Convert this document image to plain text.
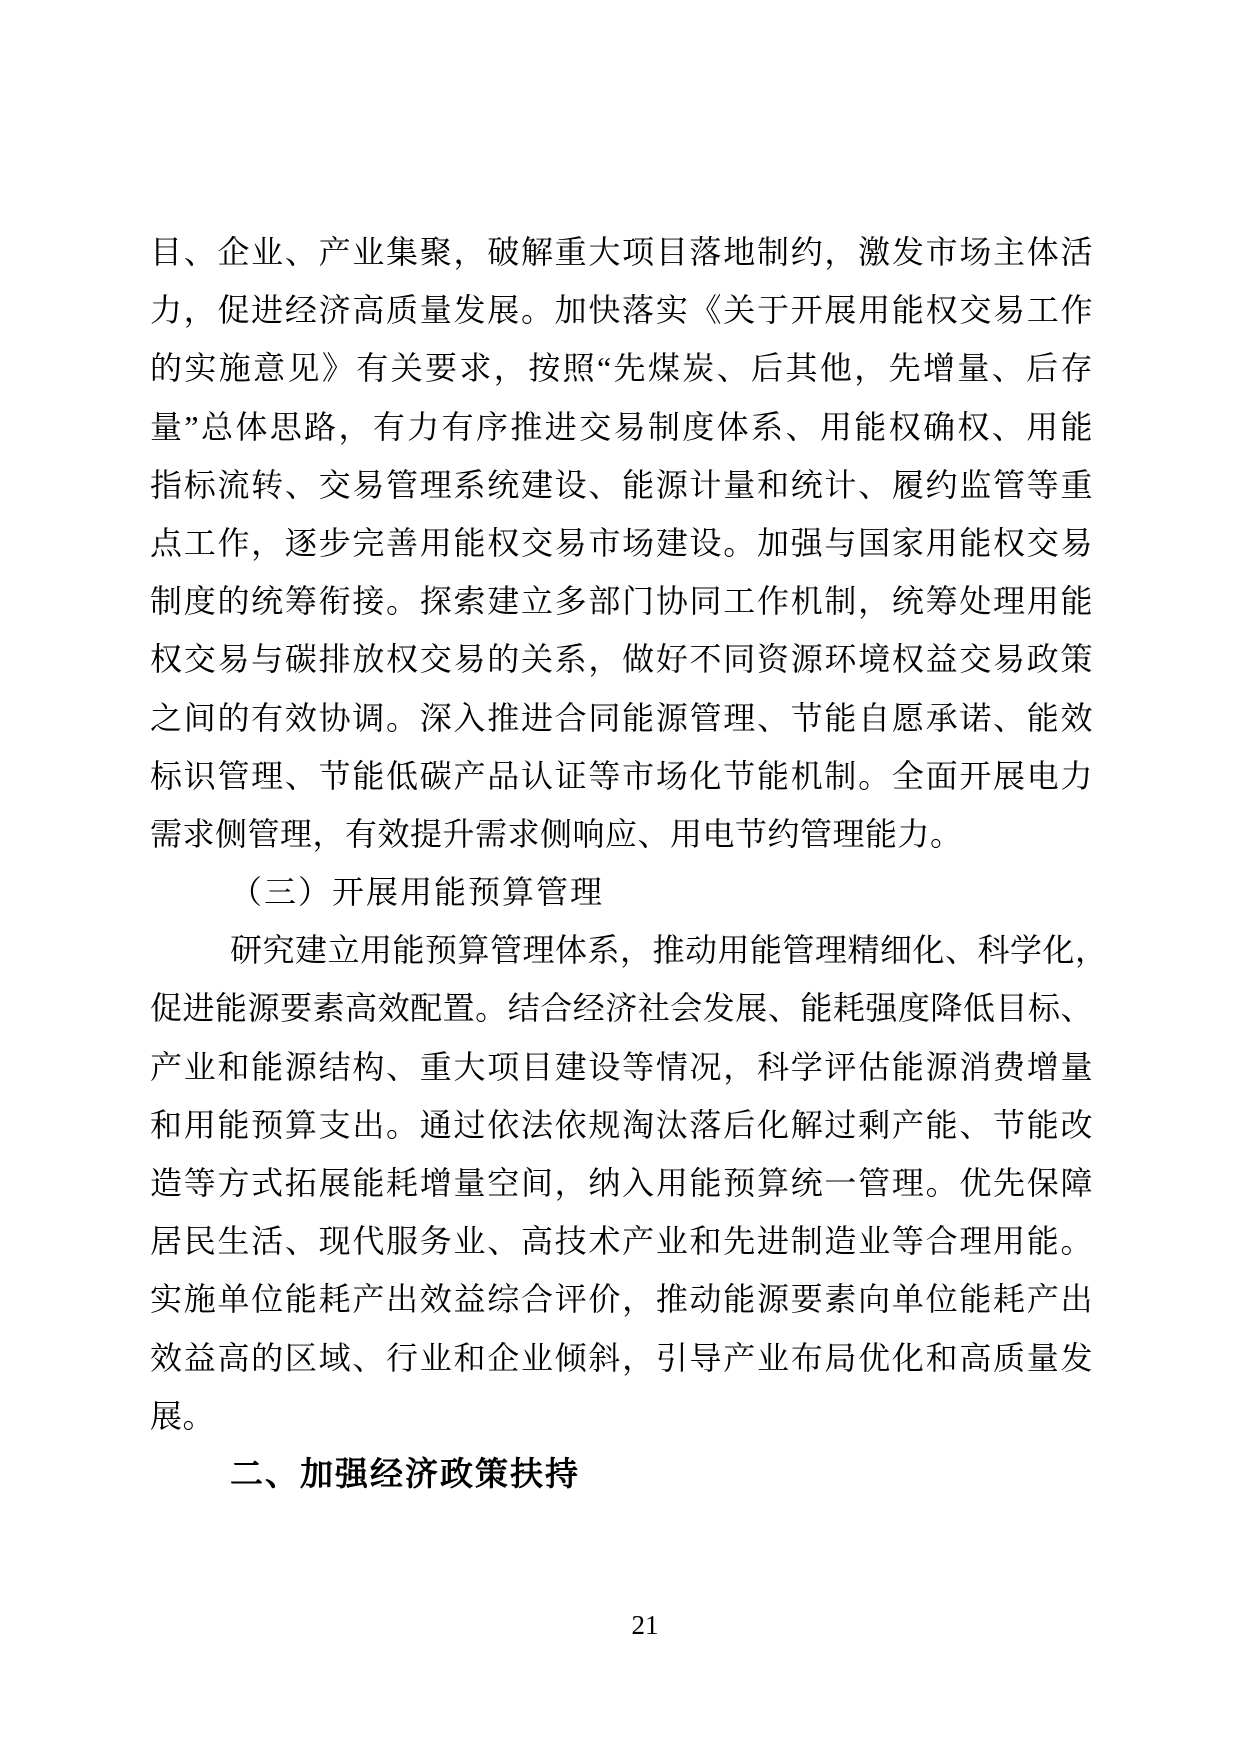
目、企业、产业集聚，破解重大项目落地制约，激发市场主体活
力，促进经济高质量发展。加快落实《关于开展用能权交易工作
的实施意见》有关要求，按照“先煤炭、后其他，先增量、后存
量”总体思路，有力有序推进交易制度体系、用能权确权、用能
指标流转、交易管理系统建设、能源计量和统计、履约监管等重
点工作，逐步完善用能权交易市场建设。加强与国家用能权交易
制度的统筹衔接。探索建立多部门协同工作机制，统筹处理用能
权交易与碳排放权交易的关系，做好不同资源环境权益交易政策
之间的有效协调。深入推进合同能源管理、节能自愿承诺、能效
标识管理、节能低碳产品认证等市场化节能机制。全面开展电力
需求侧管理，有效提升需求侧响应、用电节约管理能力。
（三）开展用能预算管理
研究建立用能预算管理体系，推动用能管理精细化、科学化，
促进能源要素高效配置。结合经济社会发展、能耗强度降低目标、
产业和能源结构、重大项目建设等情况，科学评估能源消费增量
和用能预算支出。通过依法依规淘汰落后化解过剩产能、节能改
造等方式拓展能耗增量空间，纳入用能预算统一管理。优先保障
居民生活、现代服务业、高技术产业和先进制造业等合理用能。
实施单位能耗产出效益综合评价，推动能源要素向单位能耗产出
效益高的区域、行业和企业倾斜，引导产业布局优化和高质量发
展。
二、加强经济政策扶持
21
